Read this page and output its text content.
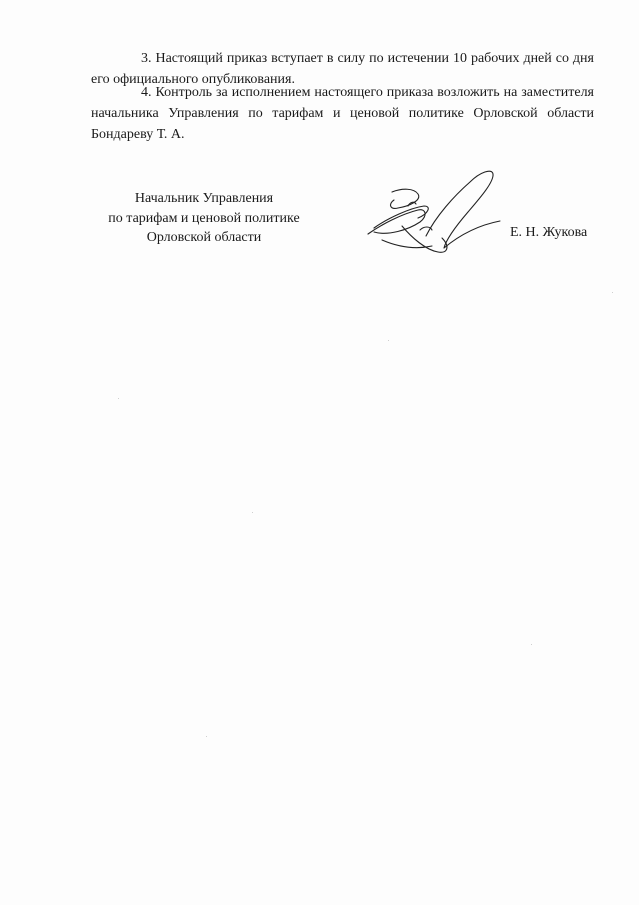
3. Настоящий приказ вступает в силу по истечении 10 рабочих дней со дня его официального опубликования.

4. Контроль за исполнением настоящего приказа возложить на заместителя начальника Управления по тарифам и ценовой политике Орловской области Бондареву Т. А.

Начальник Управления
по тарифам и ценовой политике
Орловской области	Е. Н. Жукова
